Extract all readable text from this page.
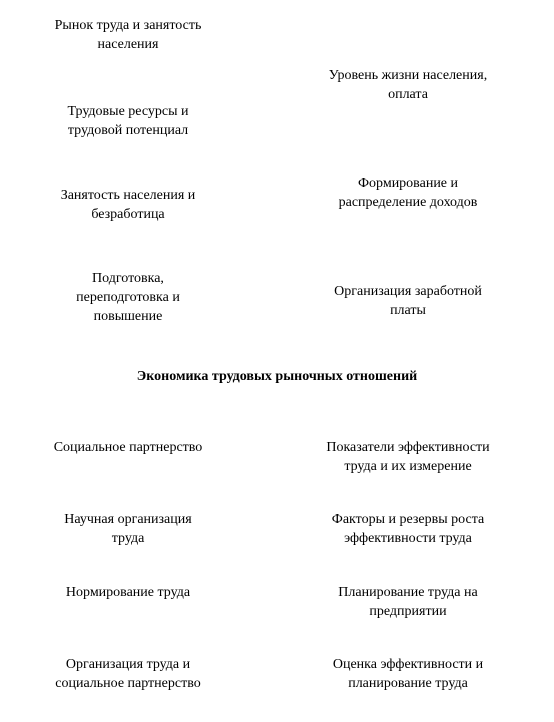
Рынок труда и занятость
населения
Трудовые ресурсы и
трудовой потенциал
Занятость населения и
безработица
Подготовка,
переподготовка и
повышение
Уровень жизни населения,
оплата
Формирование и
распределение доходов
Организация заработной
платы
Экономика трудовых рыночных отношений
Социальное партнерство
Научная организация
труда
Нормирование труда
Организация труда и
социальное партнерство
Показатели эффективности
труда и их измерение
Факторы и резервы роста
эффективности труда
Планирование труда на
предприятии
Оценка эффективности и
планирование труда
